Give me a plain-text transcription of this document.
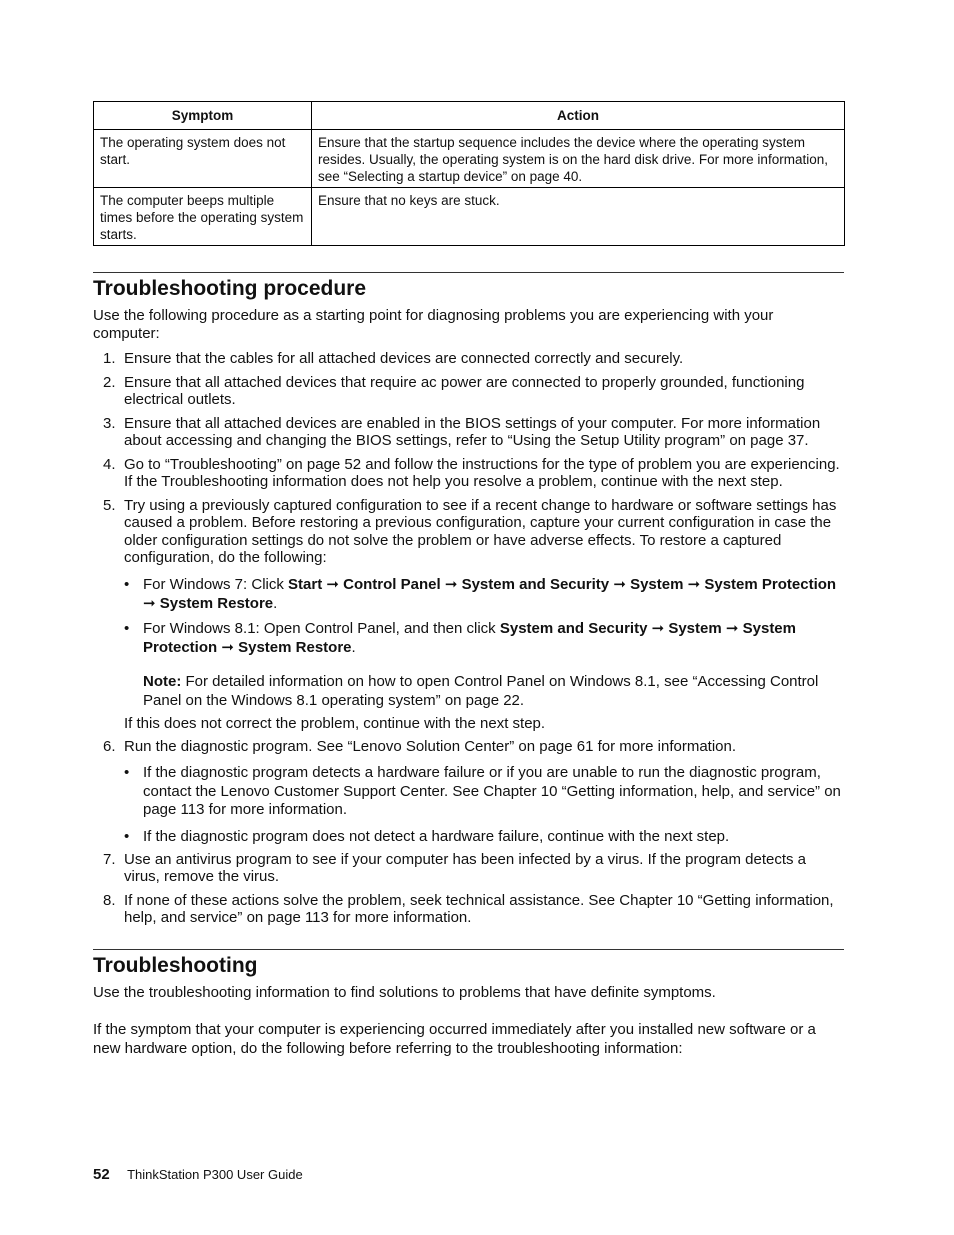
Symptom	Action
The operating system does not start.	Ensure that the startup sequence includes the device where the operating system resides. Usually, the operating system is on the hard disk drive. For more information, see “Selecting a startup device” on page 40.
The computer beeps multiple times before the operating system starts.	Ensure that no keys are stuck.
Troubleshooting procedure

Use the following procedure as a starting point for diagnosing problems you are experiencing with your computer:

1. Ensure that the cables for all attached devices are connected correctly and securely.
2. Ensure that all attached devices that require ac power are connected to properly grounded, functioning electrical outlets.
3. Ensure that all attached devices are enabled in the BIOS settings of your computer. For more information about accessing and changing the BIOS settings, refer to “Using the Setup Utility program” on page 37.
4. Go to “Troubleshooting” on page 52 and follow the instructions for the type of problem you are experiencing. If the Troubleshooting information does not help you resolve a problem, continue with the next step.
5. Try using a previously captured configuration to see if a recent change to hardware or software settings has caused a problem. Before restoring a previous configuration, capture your current configuration in case the older configuration settings do not solve the problem or have adverse effects. To restore a captured configuration, do the following:
• For Windows 7: Click Start ➞ Control Panel ➞ System and Security ➞ System ➞ System Protection ➞ System Restore.
• For Windows 8.1: Open Control Panel, and then click System and Security ➞ System ➞ System Protection ➞ System Restore.

Note: For detailed information on how to open Control Panel on Windows 8.1, see “Accessing Control Panel on the Windows 8.1 operating system” on page 22.

If this does not correct the problem, continue with the next step.

6. Run the diagnostic program. See “Lenovo Solution Center” on page 61 for more information.
• If the diagnostic program detects a hardware failure or if you are unable to run the diagnostic program, contact the Lenovo Customer Support Center. See Chapter 10 “Getting information, help, and service” on page 113 for more information.
• If the diagnostic program does not detect a hardware failure, continue with the next step.
7. Use an antivirus program to see if your computer has been infected by a virus. If the program detects a virus, remove the virus.
8. If none of these actions solve the problem, seek technical assistance. See Chapter 10 “Getting information, help, and service” on page 113 for more information.
Troubleshooting

Use the troubleshooting information to find solutions to problems that have definite symptoms.

If the symptom that your computer is experiencing occurred immediately after you installed new software or a new hardware option, do the following before referring to the troubleshooting information:

52 ThinkStation P300 User Guide
